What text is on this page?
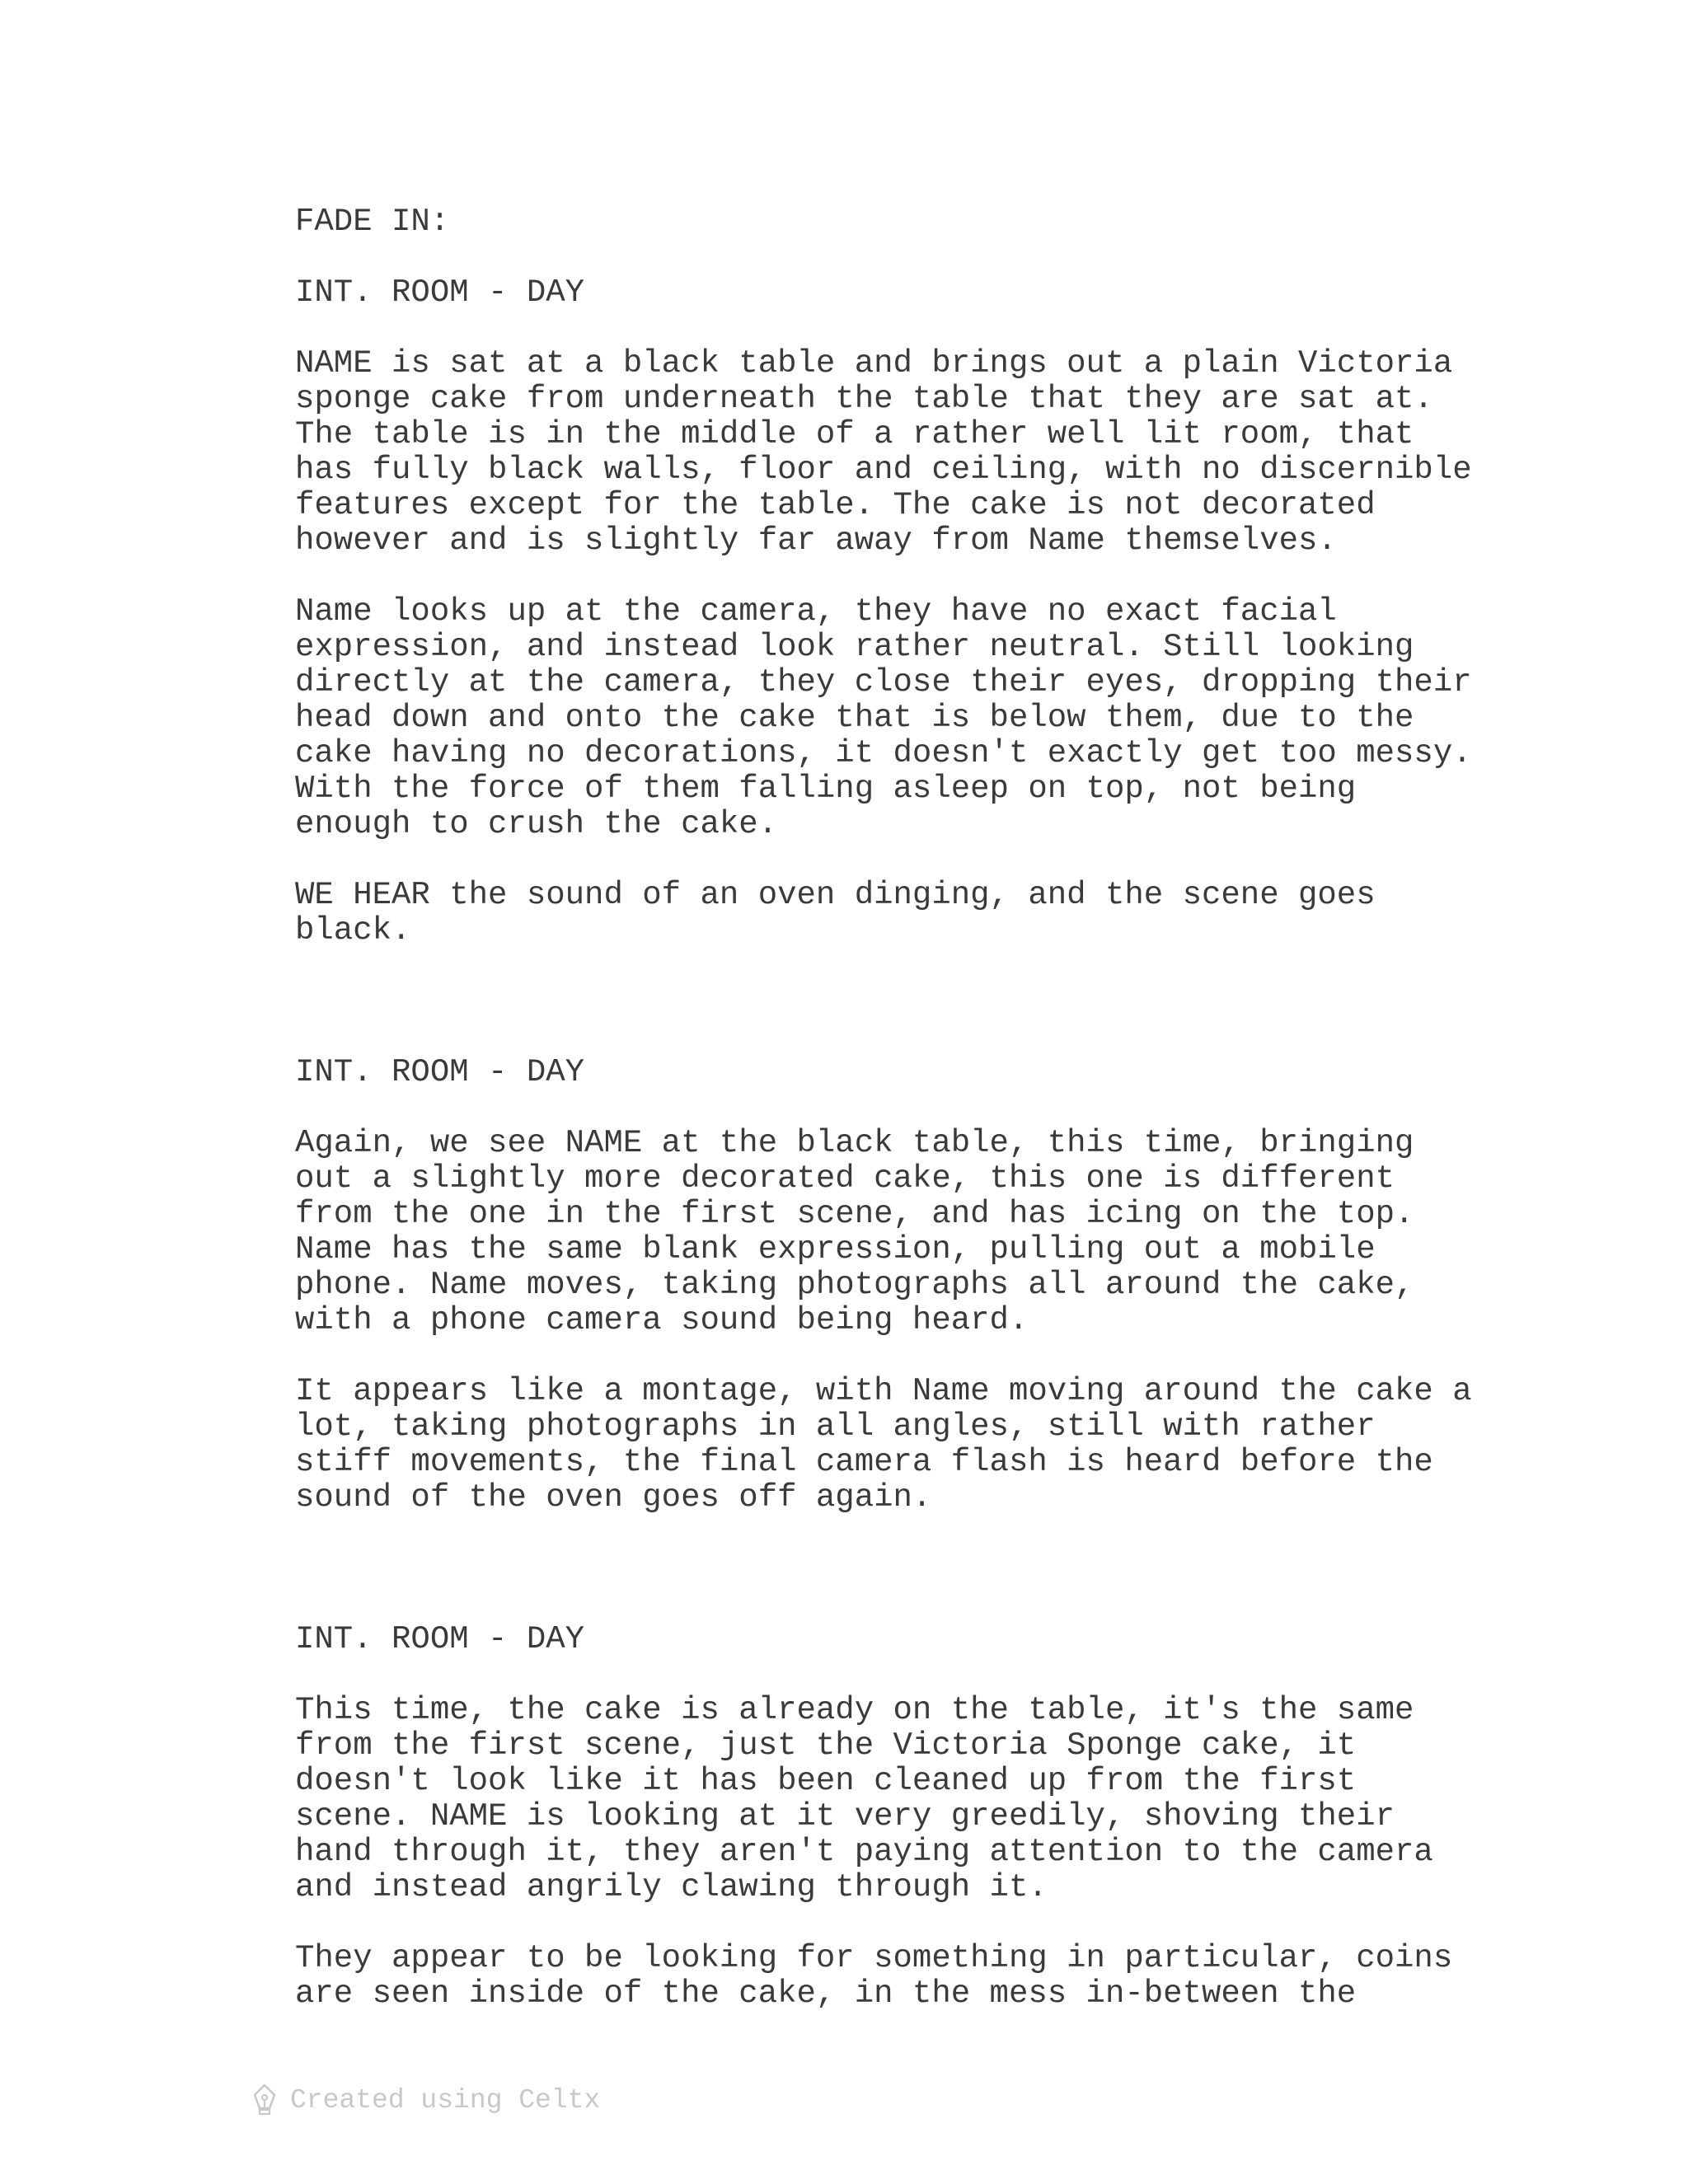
FADE IN:
INT. ROOM - DAY
NAME is sat at a black table and brings out a plain Victoria
sponge cake from underneath the table that they are sat at.
The table is in the middle of a rather well lit room, that
has fully black walls, floor and ceiling, with no discernible
features except for the table. The cake is not decorated
however and is slightly far away from Name themselves.
Name looks up at the camera, they have no exact facial
expression, and instead look rather neutral. Still looking
directly at the camera, they close their eyes, dropping their
head down and onto the cake that is below them, due to the
cake having no decorations, it doesn't exactly get too messy.
With the force of them falling asleep on top, not being
enough to crush the cake.
WE HEAR the sound of an oven dinging, and the scene goes
black.
INT. ROOM - DAY
Again, we see NAME at the black table, this time, bringing
out a slightly more decorated cake, this one is different
from the one in the first scene, and has icing on the top.
Name has the same blank expression, pulling out a mobile
phone. Name moves, taking photographs all around the cake,
with a phone camera sound being heard.
It appears like a montage, with Name moving around the cake a
lot, taking photographs in all angles, still with rather
stiff movements, the final camera flash is heard before the
sound of the oven goes off again.
INT. ROOM - DAY
This time, the cake is already on the table, it's the same
from the first scene, just the Victoria Sponge cake, it
doesn't look like it has been cleaned up from the first
scene. NAME is looking at it very greedily, shoving their
hand through it, they aren't paying attention to the camera
and instead angrily clawing through it.
They appear to be looking for something in particular, coins
are seen inside of the cake, in the mess in-between the
Created using Celtx
